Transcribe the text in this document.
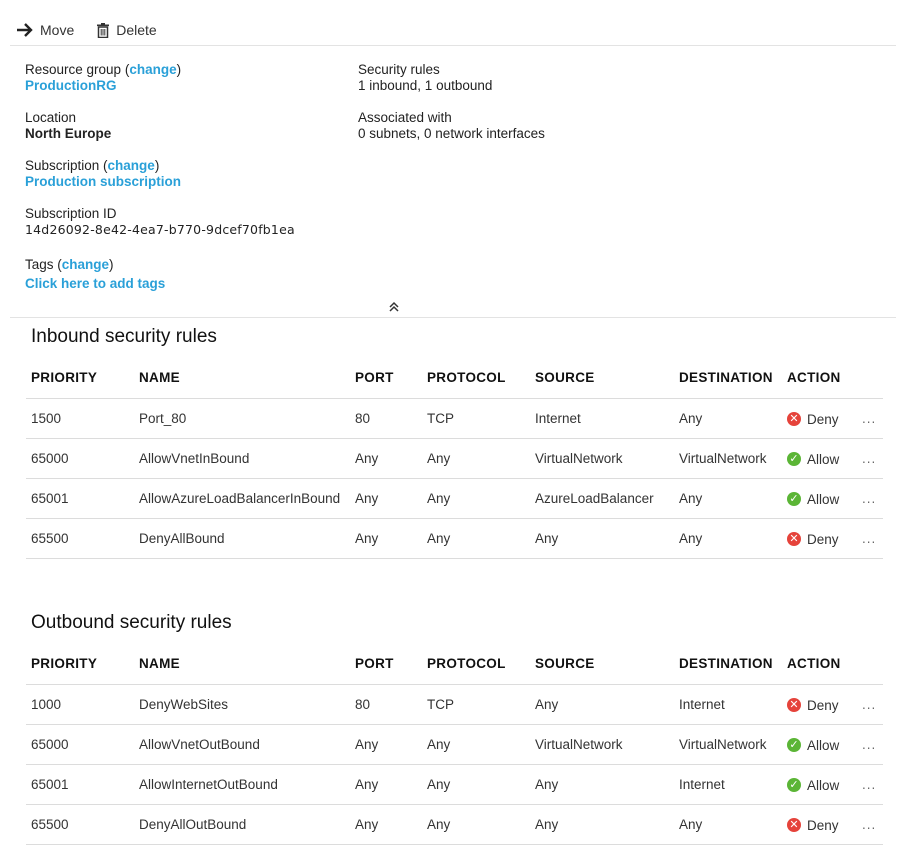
Move	Delete
Resource group (change)
ProductionRG
Location
North Europe
Subscription (change)
Production subscription
Subscription ID
14d26092-8e42-4ea7-b770-9dcef70fb1ea
Tags (change)
Click here to add tags
Security rules
1 inbound, 1 outbound
Associated with
0 subnets, 0 network interfaces
Inbound security rules
PRIORITY	NAME	PORT	PROTOCOL	SOURCE	DESTINATION	ACTION	
1500	Port_80	80	TCP	Internet	Any	✕ Deny	...
65000	AllowVnetInBound	Any	Any	VirtualNetwork	VirtualNetwork	✓ Allow	...
65001	AllowAzureLoadBalancerInBound	Any	Any	AzureLoadBalancer	Any	✓ Allow	...
65500	DenyAllBound	Any	Any	Any	Any	✕ Deny	...
Outbound security rules
PRIORITY	NAME	PORT	PROTOCOL	SOURCE	DESTINATION	ACTION	
1000	DenyWebSites	80	TCP	Any	Internet	✕ Deny	...
65000	AllowVnetOutBound	Any	Any	VirtualNetwork	VirtualNetwork	✓ Allow	...
65001	AllowInternetOutBound	Any	Any	Any	Internet	✓ Allow	...
65500	DenyAllOutBound	Any	Any	Any	Any	✕ Deny	...
